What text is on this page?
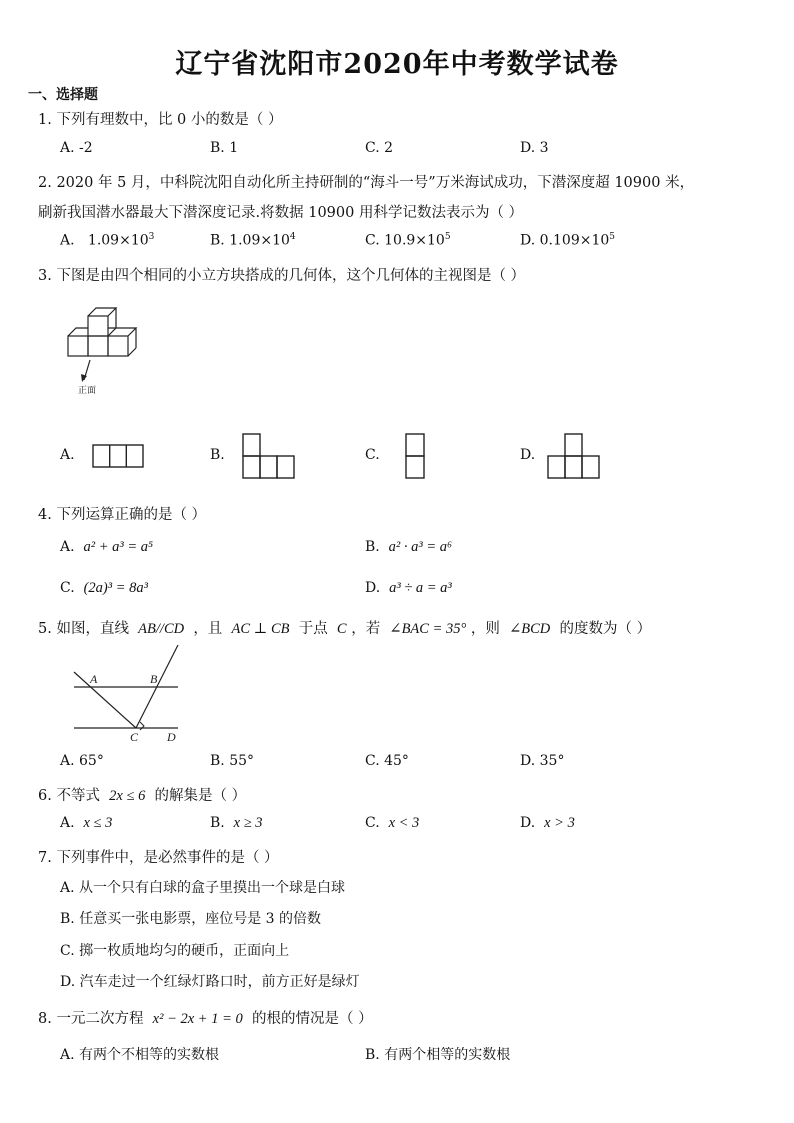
辽宁省沈阳市2020年中考数学试卷
一、选择题
1. 下列有理数中，比 0 小的数是（ ）
A. -2	B. 1	C. 2	D. 3
2. 2020 年 5 月，中科院沈阳自动化所主持研制的“海斗一号”万米海试成功，下潜深度超 10900 米，
刷新我国潜水器最大下潜深度记录.将数据 10900 用科学记数法表示为（ ）
A. $1.09\times 10^3$	B. $1.09\times 10^4$	C. $10.9\times 10^5$	D. $0.109\times 10^5$
3. 下图是由四个相同的小立方块搭成的几何体，这个几何体的主视图是（ ）
正面
A.	B.	C.	D.
4. 下列运算正确的是（ ）
A. a² + a³ = a⁵	B. a² · a³ = a⁶
C. (2a)³ = 8a³	D. a³ ÷ a = a³
5. 如图，直线 AB//CD ，且 AC ⊥ CB 于点 C ，若 ∠BAC = 35° ，则 ∠BCD 的度数为（ ）
A	B
C D
A. 65°	B. 55°	C. 45°	D. 35°
6. 不等式 2x ≤ 6 的解集是（ ）
A. x ≤ 3	B. x ≥ 3	C. x < 3	D. x > 3
7. 下列事件中，是必然事件的是（ ）
A. 从一个只有白球的盒子里摸出一个球是白球
B. 任意买一张电影票，座位号是 3 的倍数
C. 掷一枚质地均匀的硬币，正面向上
D. 汽车走过一个红绿灯路口时，前方正好是绿灯
8. 一元二次方程 x² − 2x + 1 = 0 的根的情况是（ ）
A. 有两个不相等的实数根	B. 有两个相等的实数根
